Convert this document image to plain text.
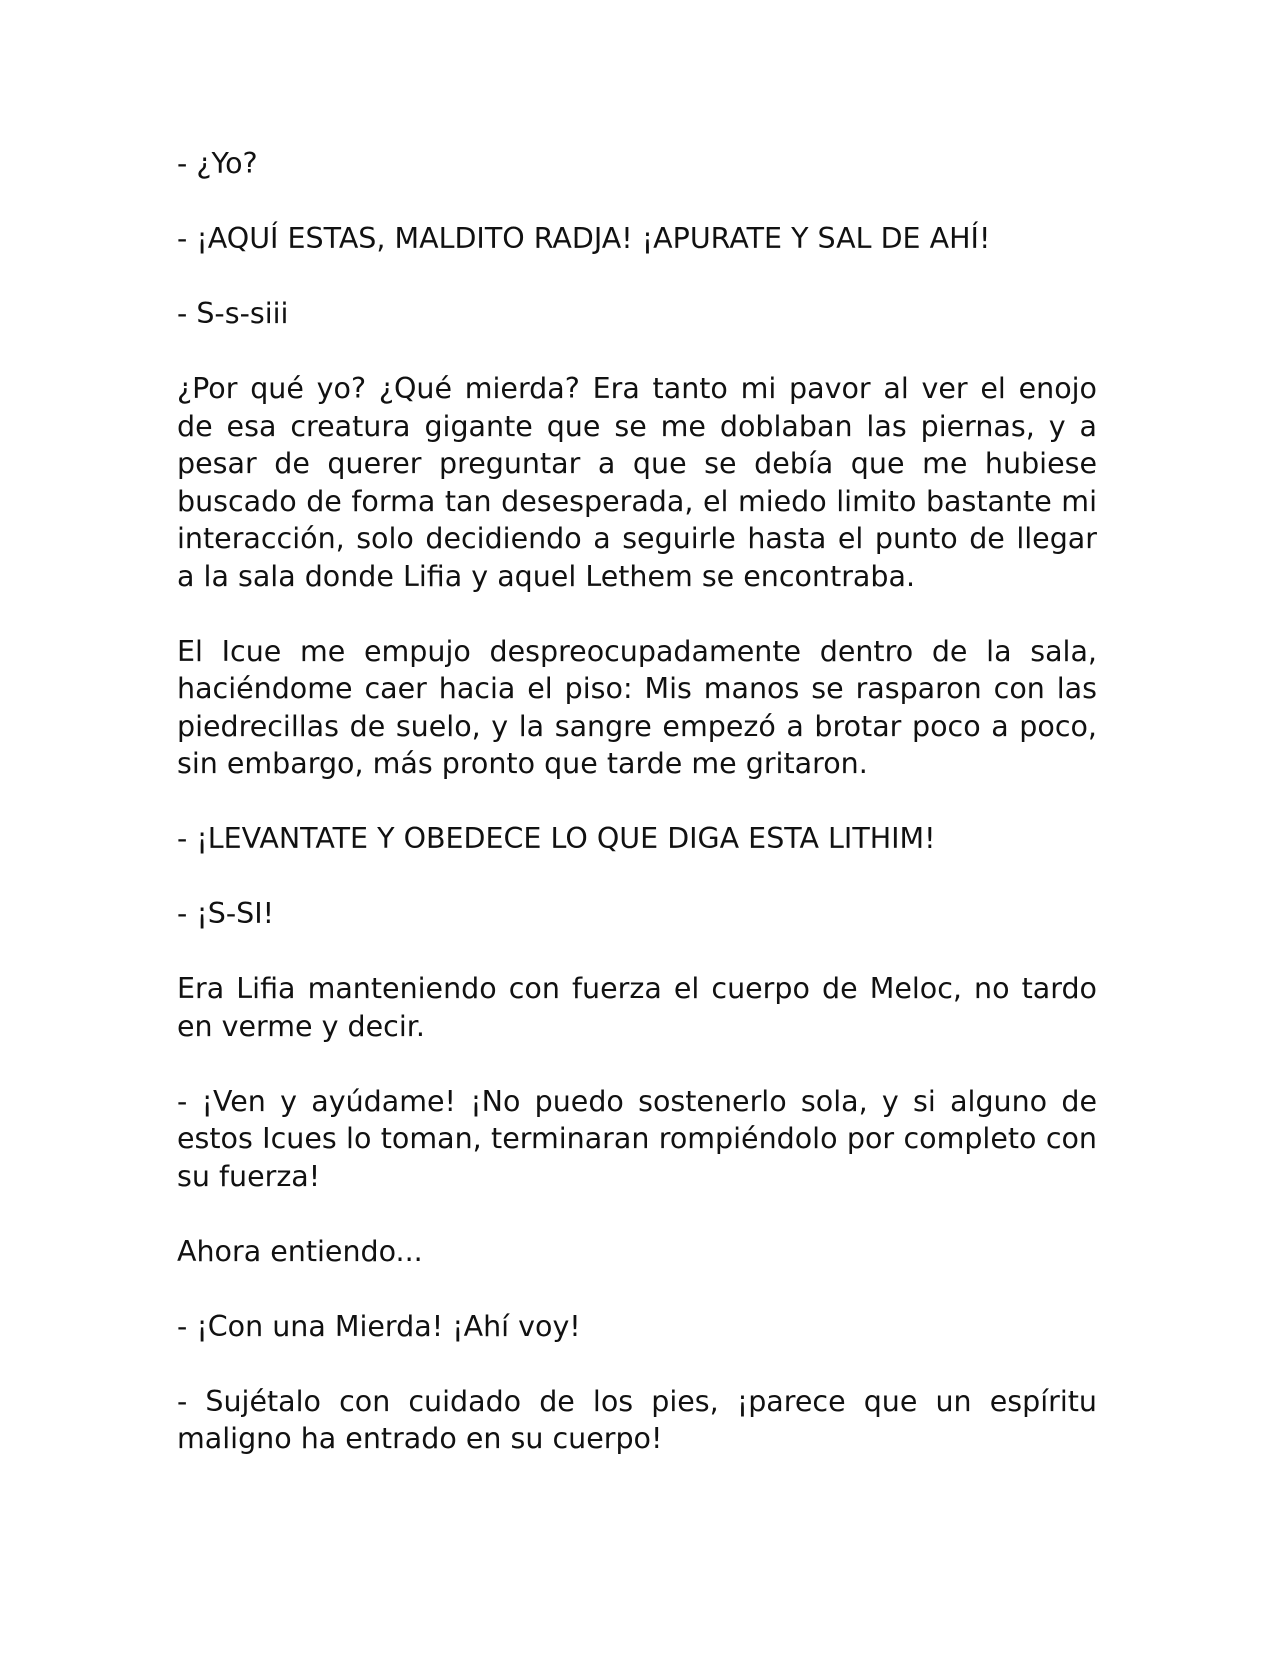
- ¿Yo?

- ¡AQUÍ ESTAS, MALDITO RADJA! ¡APURATE Y SAL DE AHÍ!

- S-s-siii

¿Por qué yo? ¿Qué mierda? Era tanto mi pavor al ver el enojo de esa creatura gigante que se me doblaban las piernas, y a pesar de querer preguntar a que se debía que me hubiese buscado de forma tan desesperada, el miedo limito bastante mi interacción, solo decidiendo a seguirle hasta el punto de llegar a la sala donde Lifia y aquel Lethem se encontraba.

El Icue me empujo despreocupadamente dentro de la sala, haciéndome caer hacia el piso: Mis manos se rasparon con las piedrecillas de suelo, y la sangre empezó a brotar poco a poco, sin embargo, más pronto que tarde me gritaron.

- ¡LEVANTATE Y OBEDECE LO QUE DIGA ESTA LITHIM!

- ¡S-SI!

Era Lifia manteniendo con fuerza el cuerpo de Meloc, no tardo en verme y decir.

- ¡Ven y ayúdame! ¡No puedo sostenerlo sola, y si alguno de estos Icues lo toman, terminaran rompiéndolo por completo con su fuerza!

Ahora entiendo...

- ¡Con una Mierda! ¡Ahí voy!

- Sujétalo con cuidado de los pies, ¡parece que un espíritu maligno ha entrado en su cuerpo!
